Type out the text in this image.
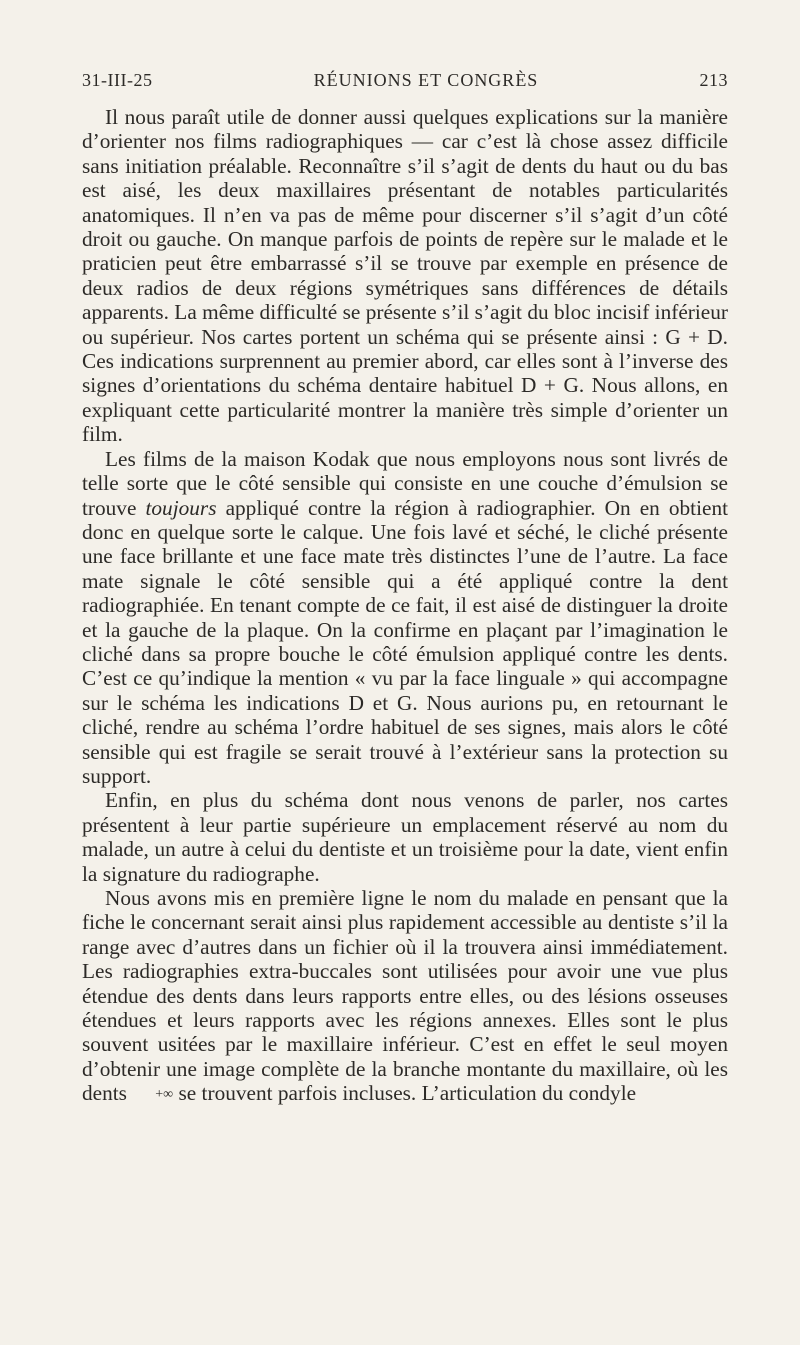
31-III-25	RÉUNIONS ET CONGRÈS	213

Il nous paraît utile de donner aussi quelques explications sur la manière d’orienter nos films radiographiques — car c’est là chose assez difficile sans initiation préalable. Reconnaître s’il s’agit de dents du haut ou du bas est aisé, les deux maxillaires présentant de notables particularités anatomiques. Il n’en va pas de même pour discerner s’il s’agit d’un côté droit ou gauche. On manque parfois de points de repère sur le malade et le praticien peut être embarrassé s’il se trouve par exemple en présence de deux radios de deux régions symétriques sans différences de détails apparents. La même difficulté se présente s’il s’agit du bloc incisif inférieur ou supérieur. Nos cartes portent un schéma qui se présente ainsi : G + D. Ces indications surprennent au premier abord, car elles sont à l’inverse des signes d’orientations du schéma dentaire habituel D + G. Nous allons, en expliquant cette particularité montrer la manière très simple d’orienter un film.

Les films de la maison Kodak que nous employons nous sont livrés de telle sorte que le côté sensible qui consiste en une couche d’émulsion se trouve toujours appliqué contre la région à radiographier. On en obtient donc en quelque sorte le calque. Une fois lavé et séché, le cliché présente une face brillante et une face mate très distinctes l’une de l’autre. La face mate signale le côté sensible qui a été appliqué contre la dent radiographiée. En tenant compte de ce fait, il est aisé de distinguer la droite et la gauche de la plaque. On la confirme en plaçant par l’imagination le cliché dans sa propre bouche le côté émulsion appliqué contre les dents. C’est ce qu’indique la mention « vu par la face linguale » qui accompagne sur le schéma les indications D et G. Nous aurions pu, en retournant le cliché, rendre au schéma l’ordre habituel de ses signes, mais alors le côté sensible qui est fragile se serait trouvé à l’extérieur sans la protection su support.

Enfin, en plus du schéma dont nous venons de parler, nos cartes présentent à leur partie supérieure un emplacement réservé au nom du malade, un autre à celui du dentiste et un troisième pour la date, vient enfin la signature du radiographe.

Nous avons mis en première ligne le nom du malade en pensant que la fiche le concernant serait ainsi plus rapidement accessible au dentiste s’il la range avec d’autres dans un fichier où il la trouvera ainsi immédiatement. Les radiographies extra-buccales sont utilisées pour avoir une vue plus étendue des dents dans leurs rapports entre elles, ou des lésions osseuses étendues et leurs rapports avec les régions annexes. Elles sont le plus souvent usitées par le maxillaire inférieur. C’est en effet le seul moyen d’obtenir une image complète de la branche montante du maxillaire, où les dents +∞ se trouvent parfois incluses. L’articulation du condyle
